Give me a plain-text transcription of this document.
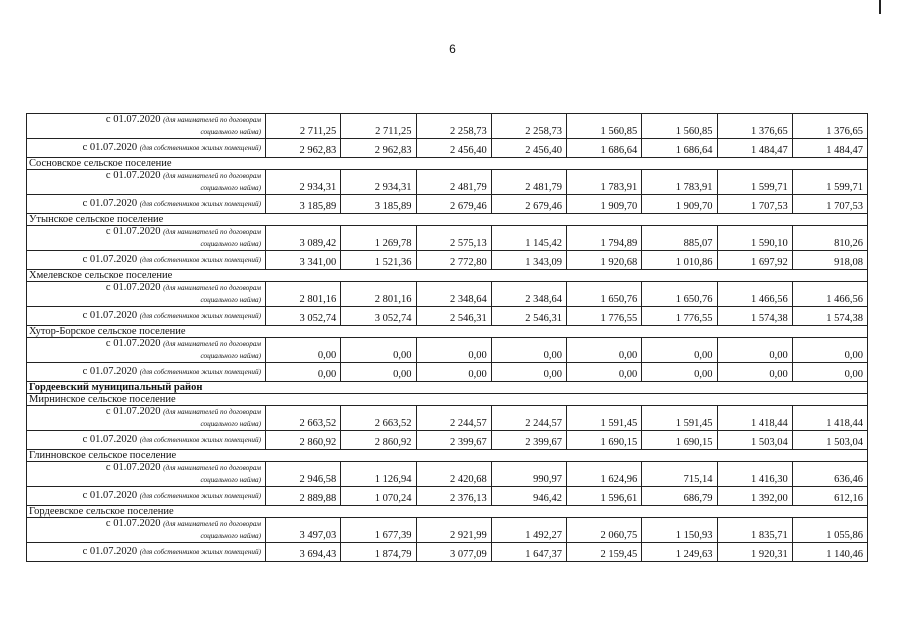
6
с 01.07.2020 (для нанимателей по договорам
социального найма)	2 711,25	2 711,25	2 258,73	2 258,73	1 560,85	1 560,85	1 376,65	1 376,65
с 01.07.2020 (для собственников жилых помещений)	2 962,83	2 962,83	2 456,40	2 456,40	1 686,64	1 686,64	1 484,47	1 484,47
Сосновское сельское поселение								

с 01.07.2020 (для нанимателей по договорам
социального найма)	2 934,31	2 934,31	2 481,79	2 481,79	1 783,91	1 783,91	1 599,71	1 599,71
с 01.07.2020 (для собственников жилых помещений)	3 185,89	3 185,89	2 679,46	2 679,46	1 909,70	1 909,70	1 707,53	1 707,53
Утынское сельское поселение								

с 01.07.2020 (для нанимателей по договорам
социального найма)	3 089,42	1 269,78	2 575,13	1 145,42	1 794,89	885,07	1 590,10	810,26
с 01.07.2020 (для собственников жилых помещений)	3 341,00	1 521,36	2 772,80	1 343,09	1 920,68	1 010,86	1 697,92	918,08
Хмелевское сельское поселение								

с 01.07.2020 (для нанимателей по договорам
социального найма)	2 801,16	2 801,16	2 348,64	2 348,64	1 650,76	1 650,76	1 466,56	1 466,56
с 01.07.2020 (для собственников жилых помещений)	3 052,74	3 052,74	2 546,31	2 546,31	1 776,55	1 776,55	1 574,38	1 574,38
Хутор-Борское сельское поселение								

с 01.07.2020 (для нанимателей по договорам
социального найма)	0,00	0,00	0,00	0,00	0,00	0,00	0,00	0,00
с 01.07.2020 (для собственников жилых помещений)	0,00	0,00	0,00	0,00	0,00	0,00	0,00	0,00
Гордеевский муниципальный район								
Мирнинское сельское поселение								

с 01.07.2020 (для нанимателей по договорам
социального найма)	2 663,52	2 663,52	2 244,57	2 244,57	1 591,45	1 591,45	1 418,44	1 418,44
с 01.07.2020 (для собственников жилых помещений)	2 860,92	2 860,92	2 399,67	2 399,67	1 690,15	1 690,15	1 503,04	1 503,04
Глинновское сельское поселение								

с 01.07.2020 (для нанимателей по договорам
социального найма)	2 946,58	1 126,94	2 420,68	990,97	1 624,96	715,14	1 416,30	636,46
с 01.07.2020 (для собственников жилых помещений)	2 889,88	1 070,24	2 376,13	946,42	1 596,61	686,79	1 392,00	612,16
Гордеевское сельское поселение								

с 01.07.2020 (для нанимателей по договорам
социального найма)	3 497,03	1 677,39	2 921,99	1 492,27	2 060,75	1 150,93	1 835,71	1 055,86
с 01.07.2020 (для собственников жилых помещений)	3 694,43	1 874,79	3 077,09	1 647,37	2 159,45	1 249,63	1 920,31	1 140,46
